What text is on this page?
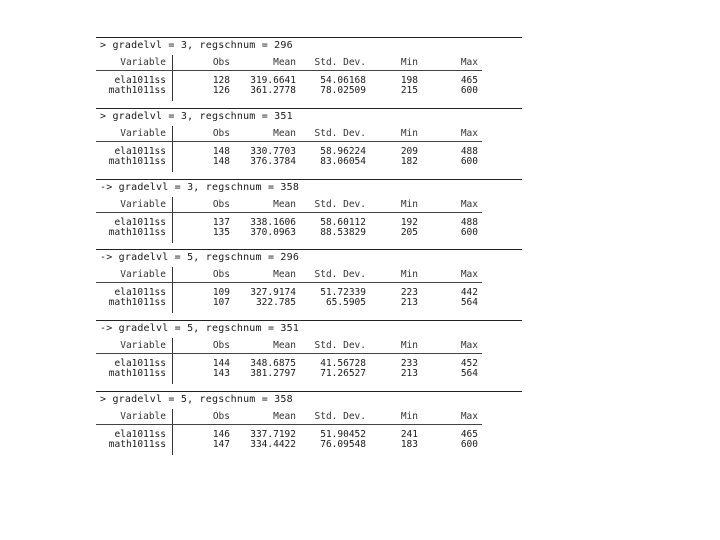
> gradelvl = 3, regschnum = 296
Variable	Obs	Mean	Std. Dev.	Min	Max
ela1011ss	128	319.6641	54.06168	198	465
math1011ss	126	361.2778	78.02509	215	600
> gradelvl = 3, regschnum = 351
Variable	Obs	Mean	Std. Dev.	Min	Max
ela1011ss	148	330.7703	58.96224	209	488
math1011ss	148	376.3784	83.06054	182	600
-> gradelvl = 3, regschnum = 358
Variable	Obs	Mean	Std. Dev.	Min	Max
ela1011ss	137	338.1606	58.60112	192	488
math1011ss	135	370.0963	88.53829	205	600
-> gradelvl = 5, regschnum = 296
Variable	Obs	Mean	Std. Dev.	Min	Max
ela1011ss	109	327.9174	51.72339	223	442
math1011ss	107	322.785	65.5905	213	564
-> gradelvl = 5, regschnum = 351
Variable	Obs	Mean	Std. Dev.	Min	Max
ela1011ss	144	348.6875	41.56728	233	452
math1011ss	143	381.2797	71.26527	213	564
> gradelvl = 5, regschnum = 358
Variable	Obs	Mean	Std. Dev.	Min	Max
ela1011ss	146	337.7192	51.90452	241	465
math1011ss	147	334.4422	76.09548	183	600
